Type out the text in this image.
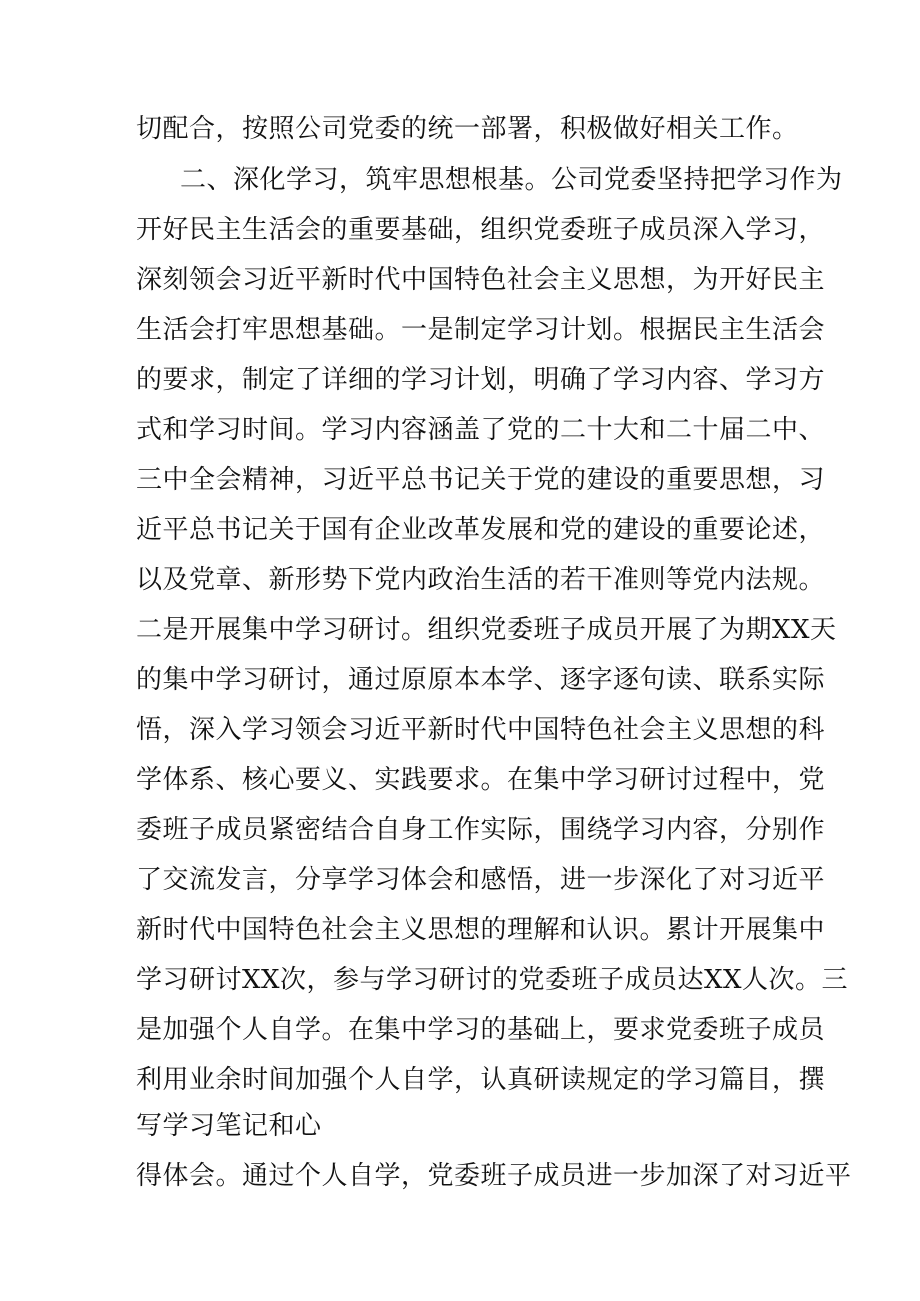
切配合，按照公司党委的统一部署，积极做好相关工作。
二、深化学习，筑牢思想根基。公司党委坚持把学习作为
开好民主生活会的重要基础，组织党委班子成员深入学习，
深刻领会习近平新时代中国特色社会主义思想，为开好民主
生活会打牢思想基础。一是制定学习计划。根据民主生活会
的要求，制定了详细的学习计划，明确了学习内容、学习方
式和学习时间。学习内容涵盖了党的二十大和二十届二中、
三中全会精神，习近平总书记关于党的建设的重要思想，习
近平总书记关于国有企业改革发展和党的建设的重要论述，
以及党章、新形势下党内政治生活的若干准则等党内法规。
二是开展集中学习研讨。组织党委班子成员开展了为期XX天
的集中学习研讨，通过原原本本学、逐字逐句读、联系实际
悟，深入学习领会习近平新时代中国特色社会主义思想的科
学体系、核心要义、实践要求。在集中学习研讨过程中，党
委班子成员紧密结合自身工作实际，围绕学习内容，分别作
了交流发言，分享学习体会和感悟，进一步深化了对习近平
新时代中国特色社会主义思想的理解和认识。累计开展集中
学习研讨XX次，参与学习研讨的党委班子成员达XX人次。三
是加强个人自学。在集中学习的基础上，要求党委班子成员
利用业余时间加强个人自学，认真研读规定的学习篇目，撰
写学习笔记和心
得体会。通过个人自学，党委班子成员进一步加深了对习近平
